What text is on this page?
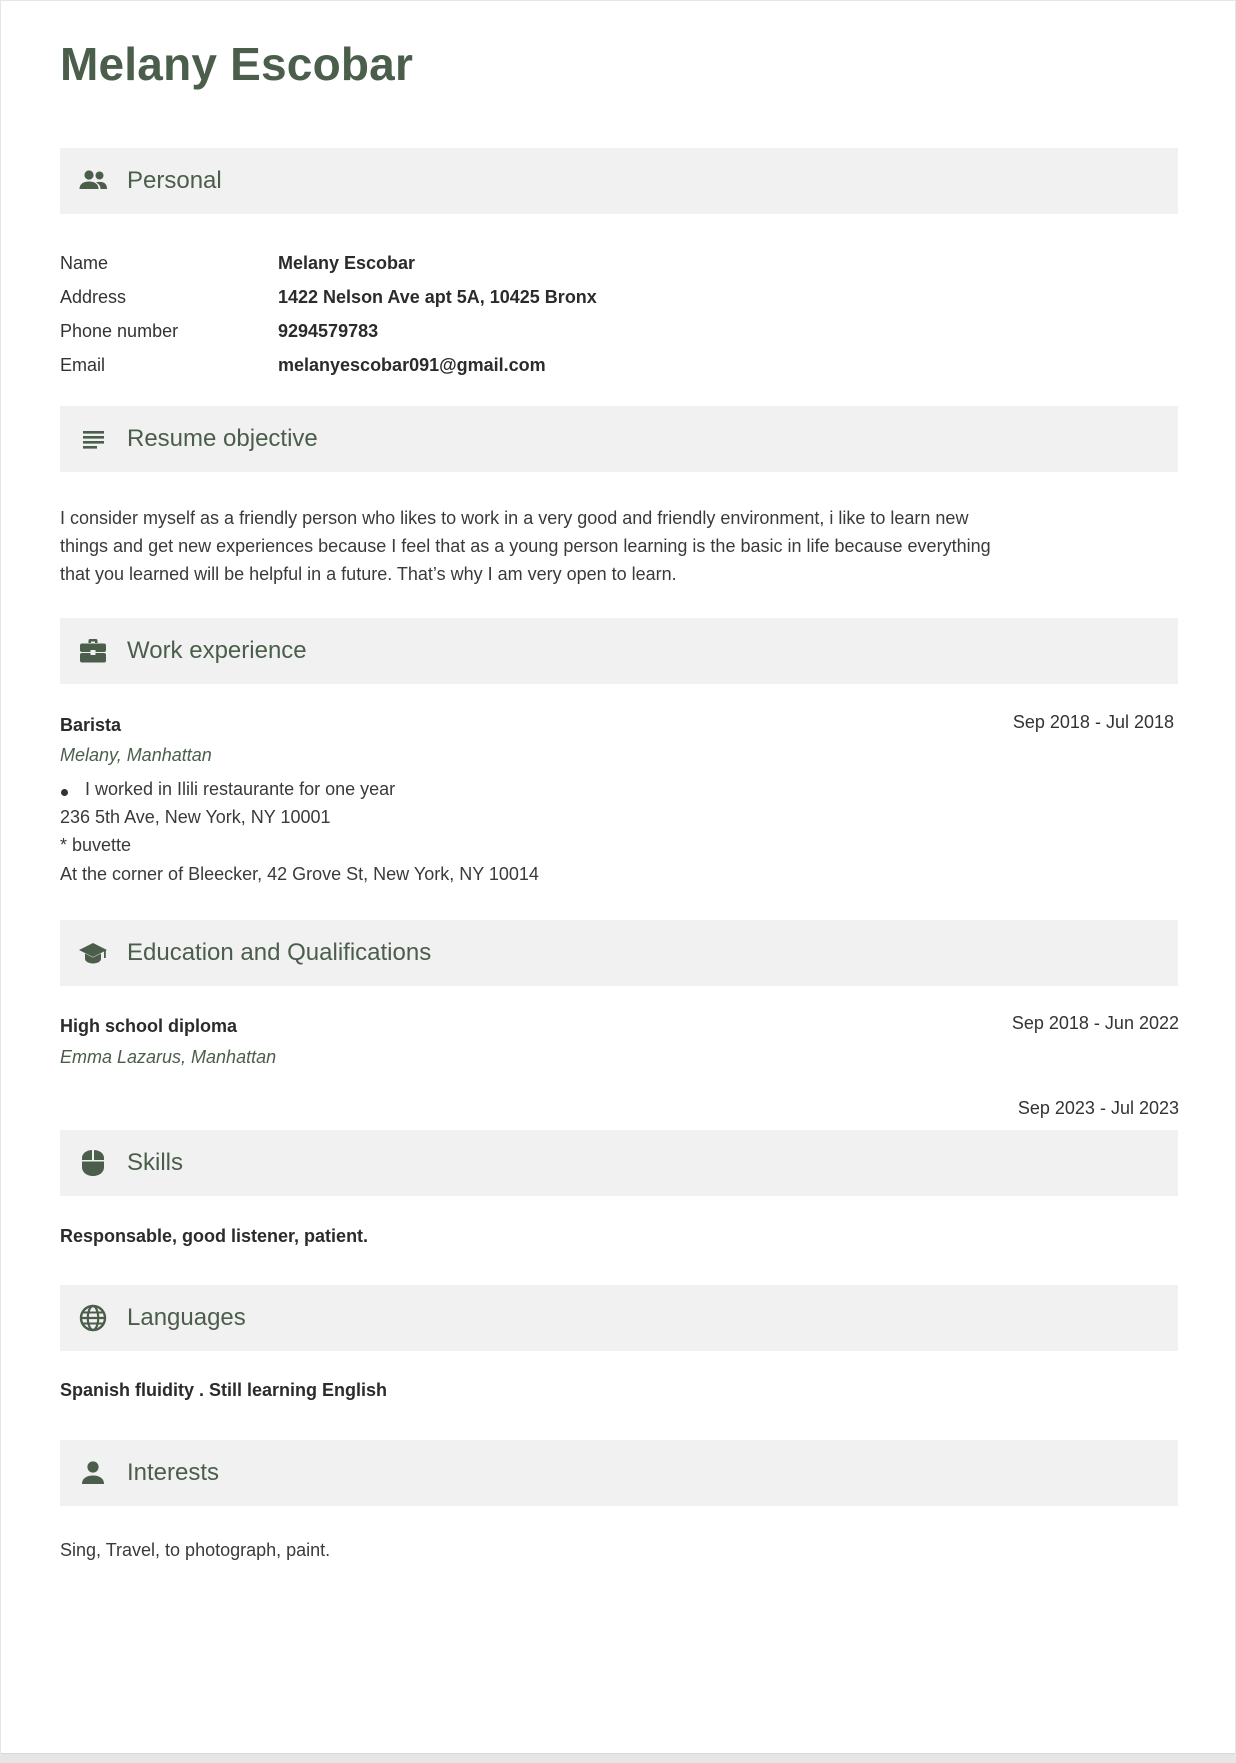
Melany Escobar
Personal
Name	Melany Escobar
Address	1422 Nelson Ave apt 5A, 10425 Bronx
Phone number	9294579783
Email	melanyescobar091@gmail.com
Resume objective

I consider myself as a friendly person who likes to work in a very good and friendly environment, i like to learn new things and get new experiences because I feel that as a young person learning is the basic in life because everything that you learned will be helpful in a future. That’s why I am very open to learn.

Work experience
Barista	Sep 2018 - Jul 2018
Melany, Manhattan
I worked in Ilili restaurante for one year
236 5th Ave, New York, NY 10001
* buvette
At the corner of Bleecker, 42 Grove St, New York, NY 10014
Education and Qualifications
High school diploma	Sep 2018 - Jun 2022
Emma Lazarus, Manhattan
Sep 2023 - Jul 2023
Skills
Responsable, good listener, patient.
Languages
Spanish fluidity . Still learning English
Interests
Sing, Travel, to photograph, paint.
